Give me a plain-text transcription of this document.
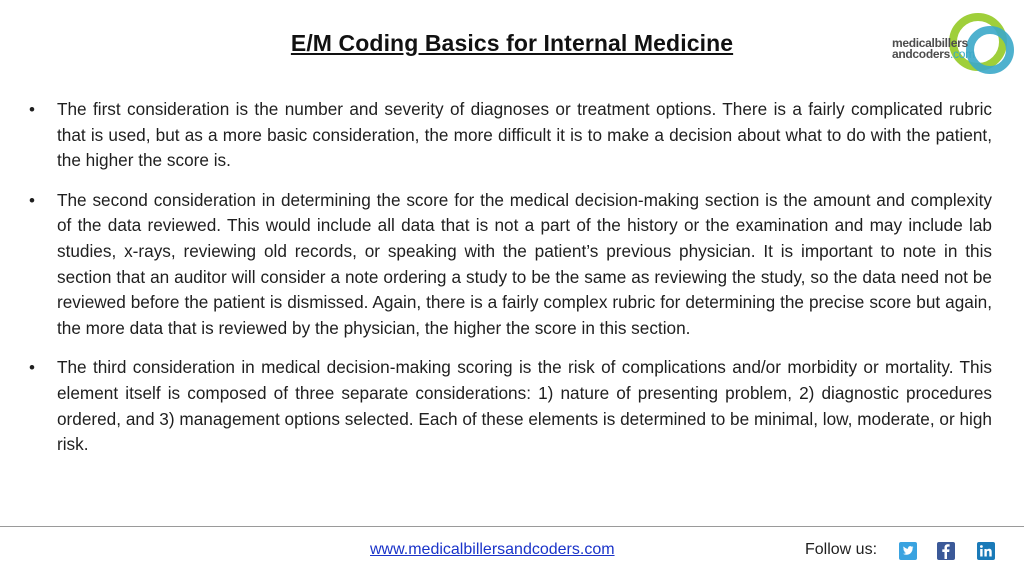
E/M Coding Basics for Internal Medicine	medicalbillers
andcoders.com
• The first consideration is the number and severity of diagnoses or treatment options. There is a fairly complicated rubric that is used, but as a more basic consideration, the more difficult it is to make a decision about what to do with the patient, the higher the score is.
• The second consideration in determining the score for the medical decision-making section is the amount and complexity of the data reviewed. This would include all data that is not a part of the history or the examination and may include lab studies, x-rays, reviewing old records, or speaking with the patient’s previous physician. It is important to note in this section that an auditor will consider a note ordering a study to be the same as reviewing the study, so the data need not be reviewed before the patient is dismissed. Again, there is a fairly complex rubric for determining the precise score but again, the more data that is reviewed by the physician, the higher the score in this section.
• The third consideration in medical decision-making scoring is the risk of complications and/or morbidity or mortality. This element itself is composed of three separate considerations: 1) nature of presenting problem, 2) diagnostic procedures ordered, and 3) management options selected. Each of these elements is determined to be minimal, low, moderate, or high risk.
www.medicalbillersandcoders.com	Follow us:
